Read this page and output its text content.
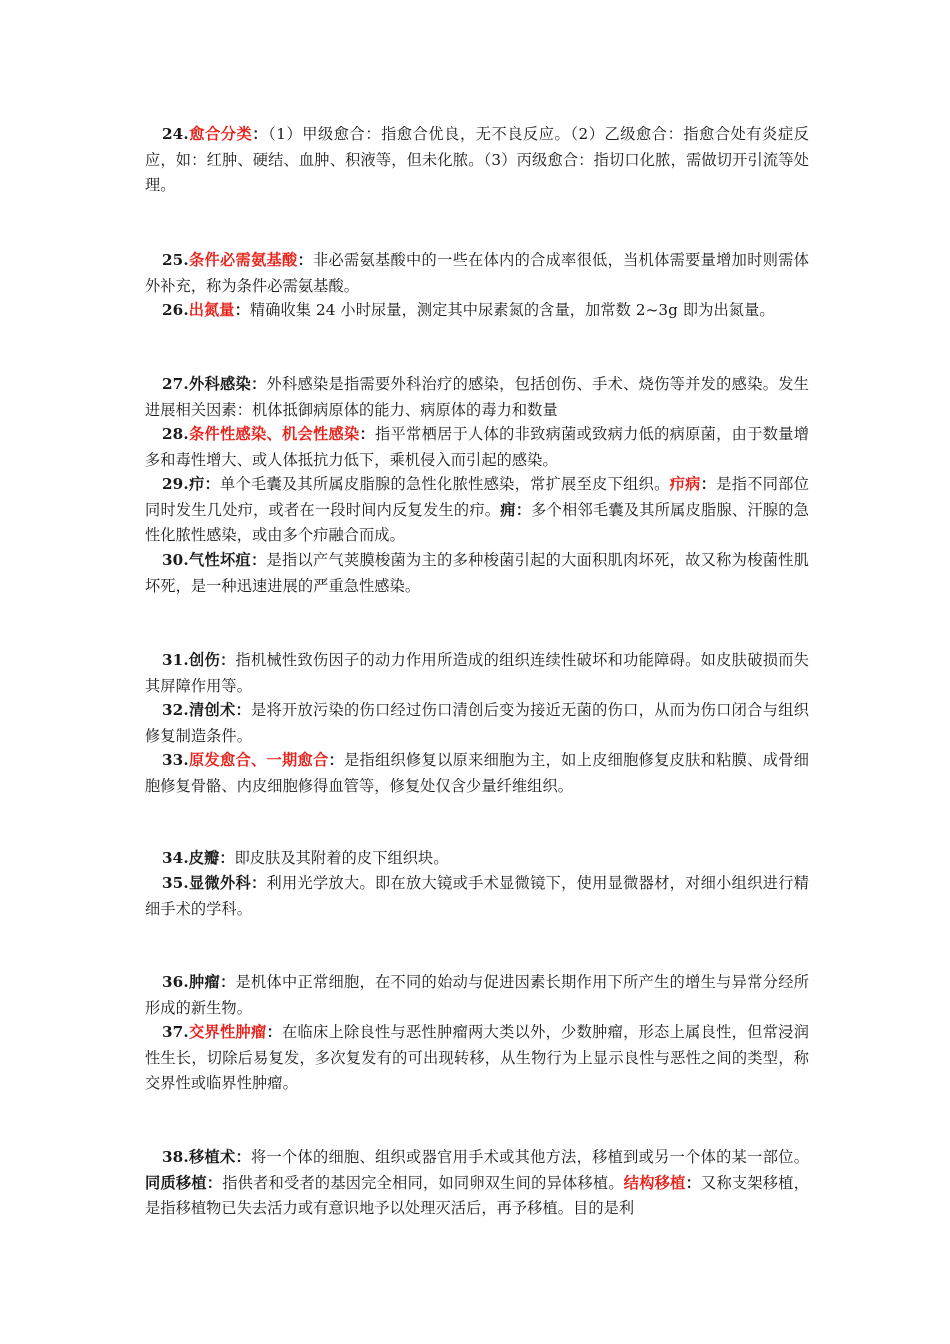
24.愈合分类：（1）甲级愈合：指愈合优良，无不良反应。（2）乙级愈合：指愈合处有炎症反应，如：红肿、硬结、血肿、积液等，但未化脓。（3）丙级愈合：指切口化脓，需做切开引流等处理。

25.条件必需氨基酸：非必需氨基酸中的一些在体内的合成率很低，当机体需要量增加时则需体外补充，称为条件必需氨基酸。

26.出氮量：精确收集 24 小时尿量，测定其中尿素氮的含量，加常数 2~3g 即为出氮量。

27.外科感染：外科感染是指需要外科治疗的感染，包括创伤、手术、烧伤等并发的感染。发生进展相关因素：机体抵御病原体的能力、病原体的毒力和数量

28.条件性感染、机会性感染：指平常栖居于人体的非致病菌或致病力低的病原菌，由于数量增多和毒性增大、或人体抵抗力低下，乘机侵入而引起的感染。

29.疖：单个毛囊及其所属皮脂腺的急性化脓性感染，常扩展至皮下组织。疖病：是指不同部位同时发生几处疖，或者在一段时间内反复发生的疖。痈：多个相邻毛囊及其所属皮脂腺、汗腺的急性化脓性感染，或由多个疖融合而成。

30.气性坏疽：是指以产气荚膜梭菌为主的多种梭菌引起的大面积肌肉坏死，故又称为梭菌性肌坏死，是一种迅速进展的严重急性感染。

31.创伤：指机械性致伤因子的动力作用所造成的组织连续性破坏和功能障碍。如皮肤破损而失其屏障作用等。

32.清创术：是将开放污染的伤口经过伤口清创后变为接近无菌的伤口，从而为伤口闭合与组织修复制造条件。

33.原发愈合、一期愈合：是指组织修复以原来细胞为主，如上皮细胞修复皮肤和粘膜、成骨细胞修复骨骼、内皮细胞修得血管等，修复处仅含少量纤维组织。

34.皮瓣：即皮肤及其附着的皮下组织块。

35.显微外科：利用光学放大。即在放大镜或手术显微镜下，使用显微器材，对细小组织进行精细手术的学科。

36.肿瘤：是机体中正常细胞，在不同的始动与促进因素长期作用下所产生的增生与异常分经所形成的新生物。

37.交界性肿瘤：在临床上除良性与恶性肿瘤两大类以外，少数肿瘤，形态上属良性，但常浸润性生长，切除后易复发，多次复发有的可出现转移，从生物行为上显示良性与恶性之间的类型，称交界性或临界性肿瘤。

38.移植术：将一个体的细胞、组织或器官用手术或其他方法，移植到或另一个体的某一部位。同质移植：指供者和受者的基因完全相同，如同卵双生间的异体移植。结构移植：又称支架移植，是指移植物已失去活力或有意识地予以处理灭活后，再予移植。目的是利
